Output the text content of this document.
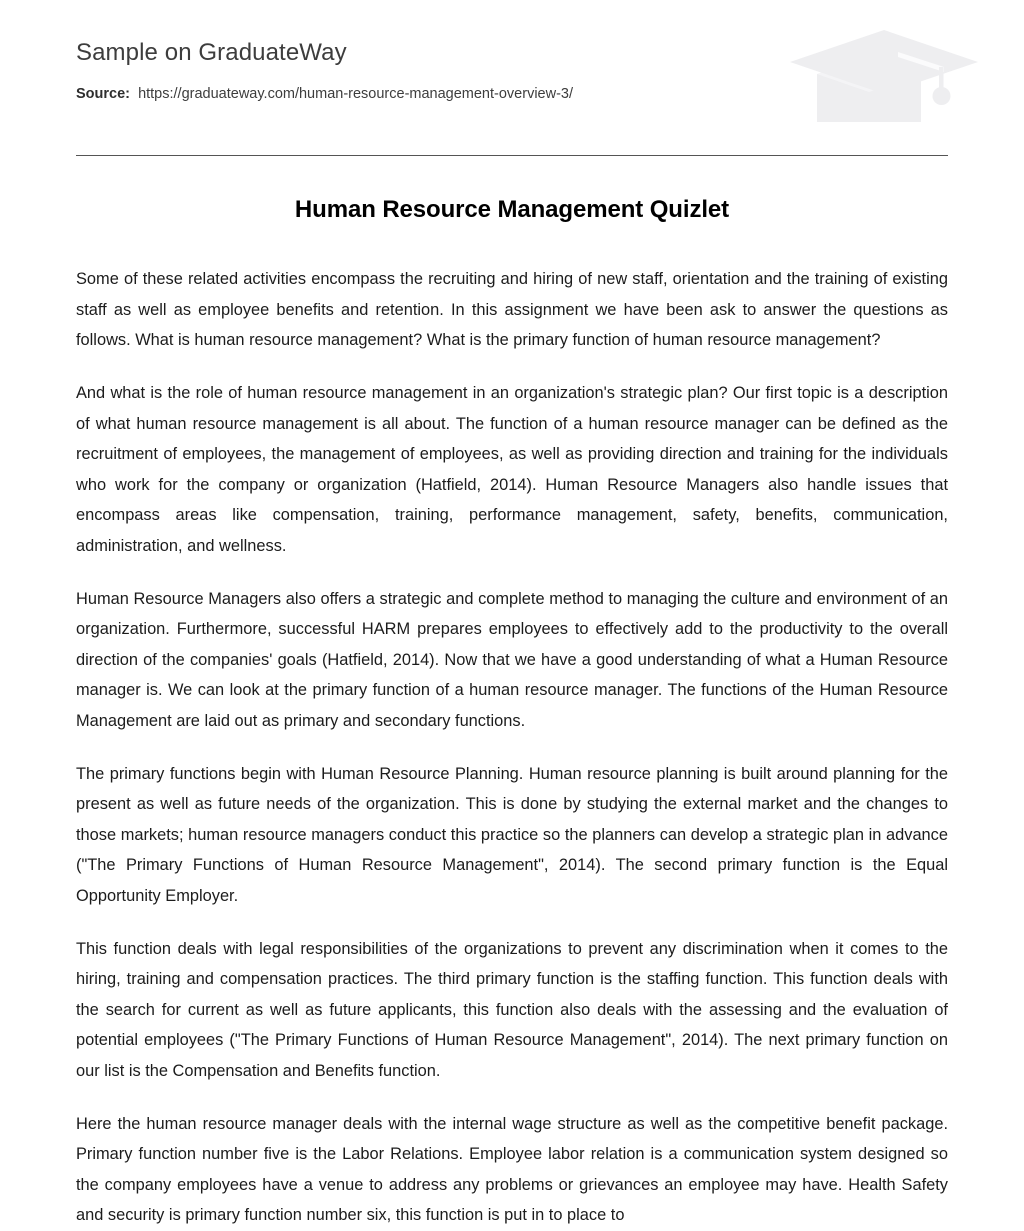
Sample on GraduateWay
Source: https://graduateway.com/human-resource-management-overview-3/
Human Resource Management Quizlet

Some of these related activities encompass the recruiting and hiring of new staff, orientation and the training of existing staff as well as employee benefits and retention. In this assignment we have been ask to answer the questions as follows. What is human resource management? What is the primary function of human resource management?

And what is the role of human resource management in an organization's strategic plan? Our first topic is a description of what human resource management is all about. The function of a human resource manager can be defined as the recruitment of employees, the management of employees, as well as providing direction and training for the individuals who work for the company or organization (Hatfield, 2014). Human Resource Managers also handle issues that encompass areas like compensation, training, performance management, safety, benefits, communication, administration, and wellness.

Human Resource Managers also offers a strategic and complete method to managing the culture and environment of an organization. Furthermore, successful HARM prepares employees to effectively add to the productivity to the overall direction of the companies' goals (Hatfield, 2014). Now that we have a good understanding of what a Human Resource manager is. We can look at the primary function of a human resource manager. The functions of the Human Resource Management are laid out as primary and secondary functions.

The primary functions begin with Human Resource Planning. Human resource planning is built around planning for the present as well as future needs of the organization. This is done by studying the external market and the changes to those markets; human resource managers conduct this practice so the planners can develop a strategic plan in advance ("The Primary Functions of Human Resource Management", 2014). The second primary function is the Equal Opportunity Employer.

This function deals with legal responsibilities of the organizations to prevent any discrimination when it comes to the hiring, training and compensation practices. The third primary function is the staffing function. This function deals with the search for current as well as future applicants, this function also deals with the assessing and the evaluation of potential employees ("The Primary Functions of Human Resource Management", 2014). The next primary function on our list is the Compensation and Benefits function.

Here the human resource manager deals with the internal wage structure as well as the competitive benefit package. Primary function number five is the Labor Relations. Employee labor relation is a communication system designed so the company employees have a venue to address any problems or grievances an employee may have. Health Safety and security is primary function number six, this function is put in to place to
